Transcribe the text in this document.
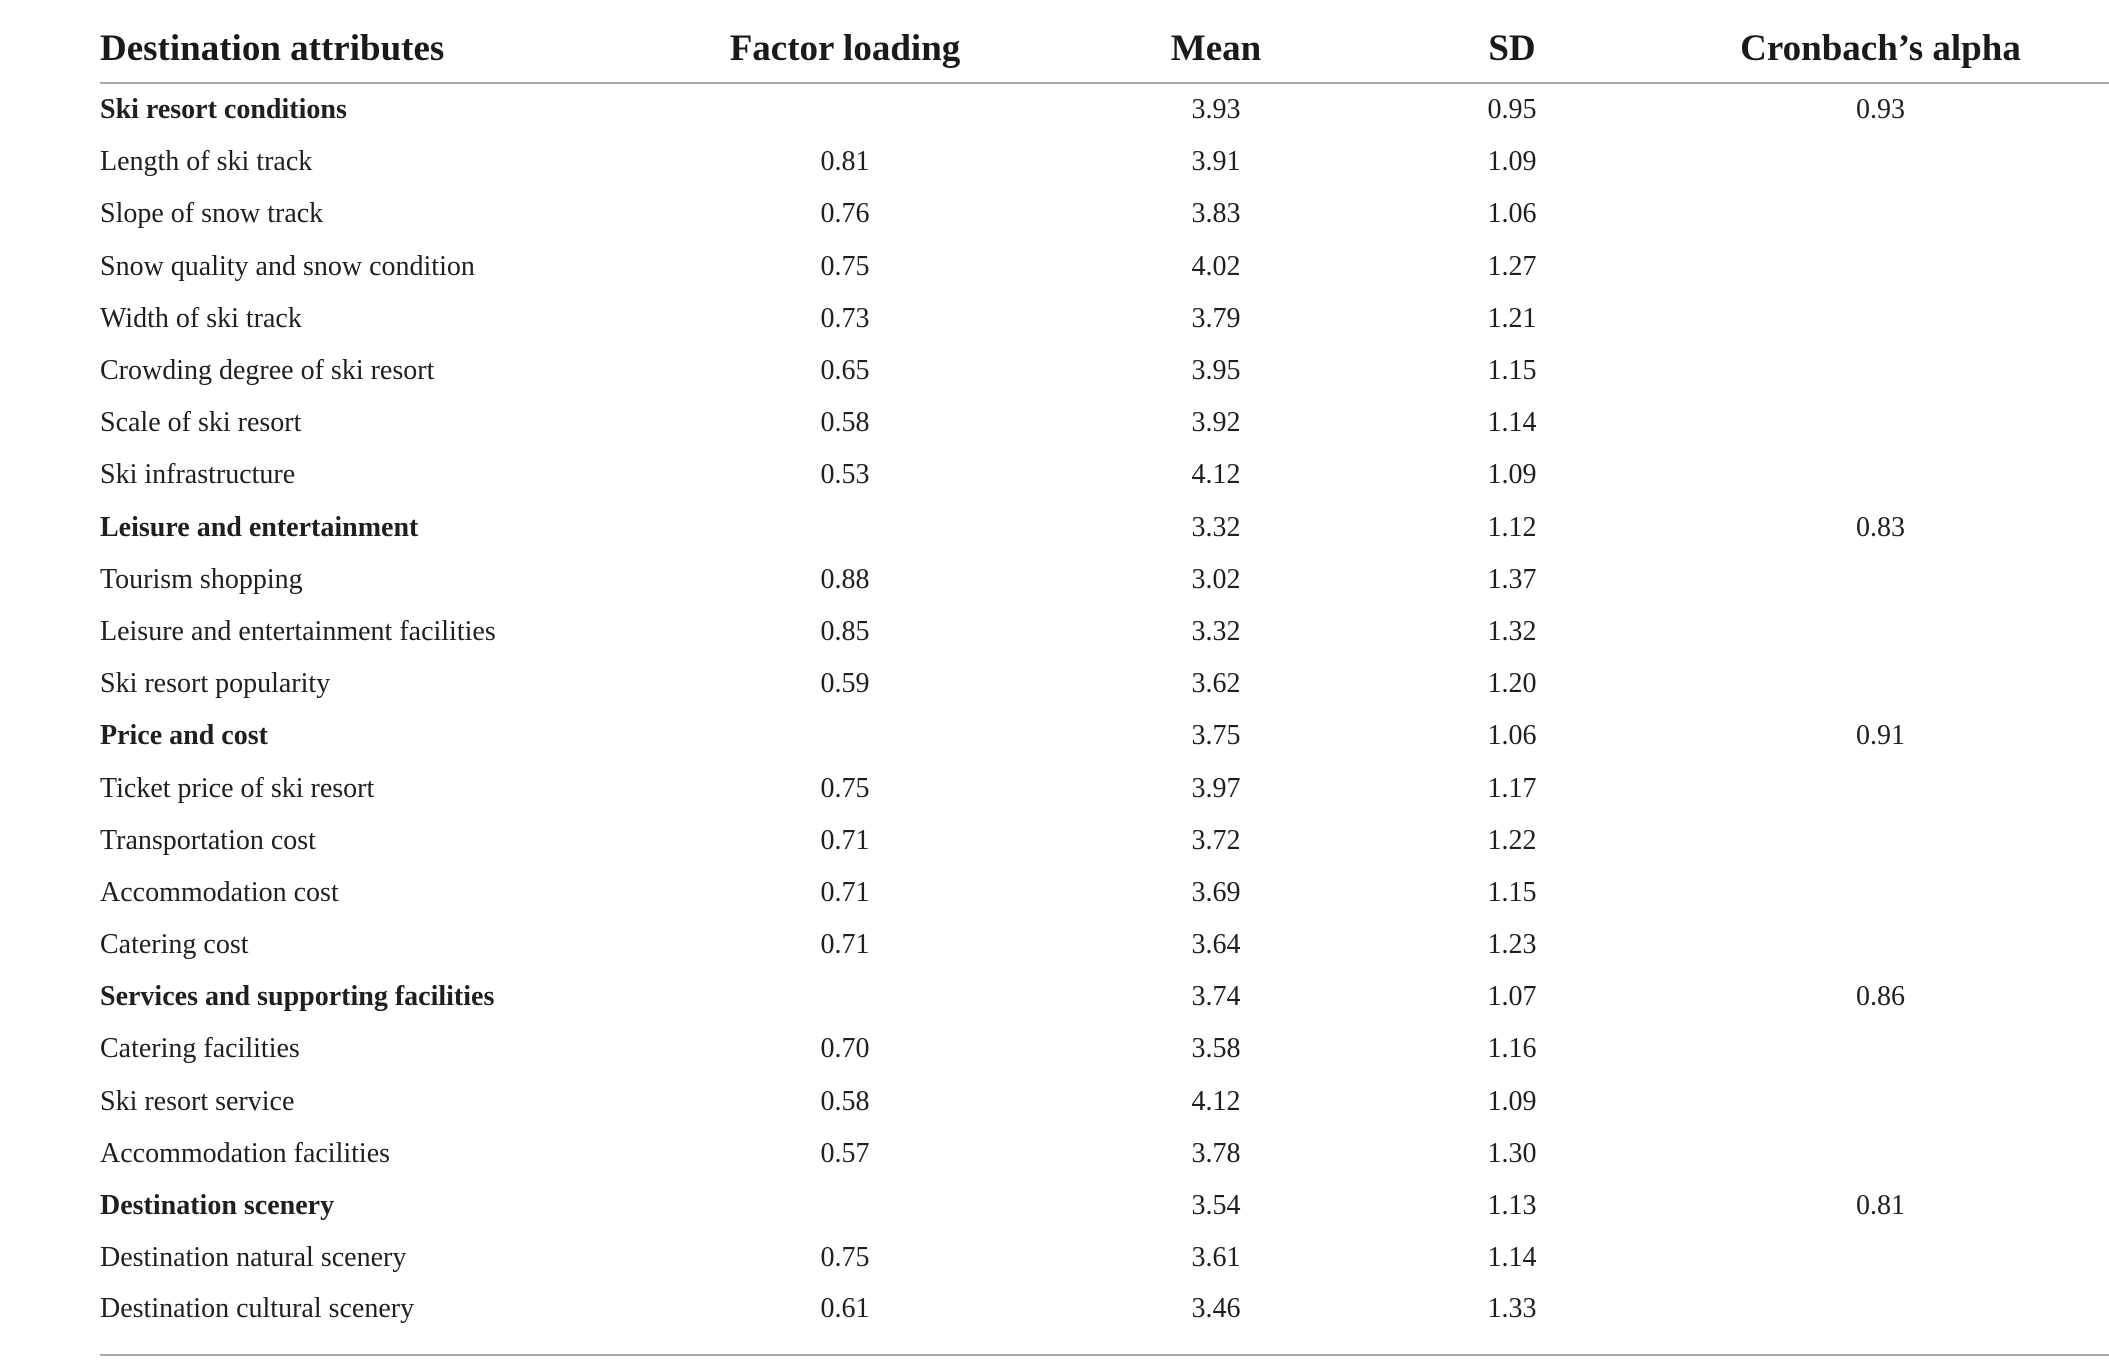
Destination attributes	Factor loading	Mean	SD	Cronbach’s alpha
Ski resort conditions		3.93	0.95	0.93
Length of ski track	0.81	3.91	1.09	
Slope of snow track	0.76	3.83	1.06	
Snow quality and snow condition	0.75	4.02	1.27	
Width of ski track	0.73	3.79	1.21	
Crowding degree of ski resort	0.65	3.95	1.15	
Scale of ski resort	0.58	3.92	1.14	
Ski infrastructure	0.53	4.12	1.09	
Leisure and entertainment		3.32	1.12	0.83
Tourism shopping	0.88	3.02	1.37	
Leisure and entertainment facilities	0.85	3.32	1.32	
Ski resort popularity	0.59	3.62	1.20	
Price and cost		3.75	1.06	0.91
Ticket price of ski resort	0.75	3.97	1.17	
Transportation cost	0.71	3.72	1.22	
Accommodation cost	0.71	3.69	1.15	
Catering cost	0.71	3.64	1.23	
Services and supporting facilities		3.74	1.07	0.86
Catering facilities	0.70	3.58	1.16	
Ski resort service	0.58	4.12	1.09	
Accommodation facilities	0.57	3.78	1.30	
Destination scenery		3.54	1.13	0.81
Destination natural scenery	0.75	3.61	1.14	
Destination cultural scenery	0.61	3.46	1.33	
